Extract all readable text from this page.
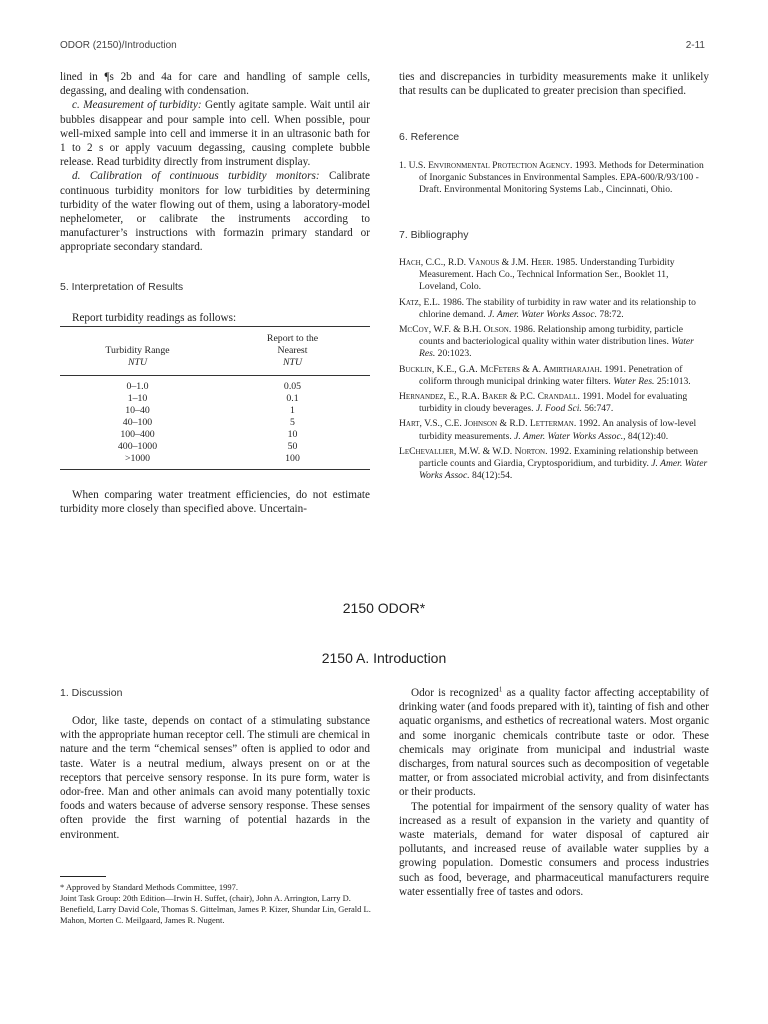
ODOR (2150)/Introduction	2-11

lined in ¶s 2b and 4a for care and handling of sample cells, degassing, and dealing with condensation.

c. Measurement of turbidity: Gently agitate sample. Wait until air bubbles disappear and pour sample into cell. When possible, pour well-mixed sample into cell and immerse it in an ultrasonic bath for 1 to 2 s or apply vacuum degassing, causing complete bubble release. Read turbidity directly from instrument display.

d. Calibration of continuous turbidity monitors: Calibrate continuous turbidity monitors for low turbidities by determining turbidity of the water flowing out of them, using a laboratory-model nephelometer, or calibrate the instruments according to manufacturer’s instructions with formazin primary standard or appropriate secondary standard.

5. Interpretation of Results

Report turbidity readings as follows:

	Report to the
Turbidity Range	Nearest
NTU	NTU
0–1.0	0.05
1–10	0.1
10–40	1
40–100	5
100–400	10
400–1000	50
>1000	100

When comparing water treatment efficiencies, do not estimate turbidity more closely than specified above. Uncertain-

ties and discrepancies in turbidity measurements make it unlikely that results can be duplicated to greater precision than specified.

6. Reference

1. U.S. Environmental Protection Agency. 1993. Methods for Determination of Inorganic Substances in Environmental Samples. EPA-600/R/93/100 - Draft. Environmental Monitoring Systems Lab., Cincinnati, Ohio.

7. Bibliography

Hach, C.C., R.D. Vanous & J.M. Heer. 1985. Understanding Turbidity Measurement. Hach Co., Technical Information Ser., Booklet 11, Loveland, Colo.

Katz, E.L. 1986. The stability of turbidity in raw water and its relationship to chlorine demand. J. Amer. Water Works Assoc. 78:72.

McCoy, W.F. & B.H. Olson. 1986. Relationship among turbidity, particle counts and bacteriological quality within water distribution lines. Water Res. 20:1023.

Bucklin, K.E., G.A. McFeters & A. Amirtharajah. 1991. Penetration of coliform through municipal drinking water filters. Water Res. 25:1013.

Hernandez, E., R.A. Baker & P.C. Crandall. 1991. Model for evaluating turbidity in cloudy beverages. J. Food Sci. 56:747.

Hart, V.S., C.E. Johnson & R.D. Letterman. 1992. An analysis of low-level turbidity measurements. J. Amer. Water Works Assoc., 84(12):40.

LeChevallier, M.W. & W.D. Norton. 1992. Examining relationship between particle counts and Giardia, Cryptosporidium, and turbidity. J. Amer. Water Works Assoc. 84(12):54.

2150 ODOR*
2150 A. Introduction
1. Discussion

Odor, like taste, depends on contact of a stimulating substance with the appropriate human receptor cell. The stimuli are chemical in nature and the term “chemical senses” often is applied to odor and taste. Water is a neutral medium, always present on or at the receptors that perceive sensory response. In its pure form, water is odor-free. Man and other animals can avoid many potentially toxic foods and waters because of adverse sensory response. These senses often provide the first warning of potential hazards in the environment.

Odor is recognized$^1$ as a quality factor affecting acceptability of drinking water (and foods prepared with it), tainting of fish and other aquatic organisms, and esthetics of recreational waters. Most organic and some inorganic chemicals contribute taste or odor. These chemicals may originate from municipal and industrial waste discharges, from natural sources such as decomposition of vegetable matter, or from associated microbial activity, and from disinfectants or their products.

The potential for impairment of the sensory quality of water has increased as a result of expansion in the variety and quantity of waste materials, demand for water disposal of captured air pollutants, and increased reuse of available water supplies by a growing population. Domestic consumers and process industries such as food, beverage, and pharmaceutical manufacturers require water essentially free of tastes and odors.

* Approved by Standard Methods Committee, 1997.
Joint Task Group: 20th Edition—Irwin H. Suffet, (chair), John A. Arrington, Larry D. Benefield, Larry David Cole, Thomas S. Gittelman, James P. Kizer, Shundar Lin, Gerald L. Mahon, Morten C. Meilgaard, James R. Nugent.
